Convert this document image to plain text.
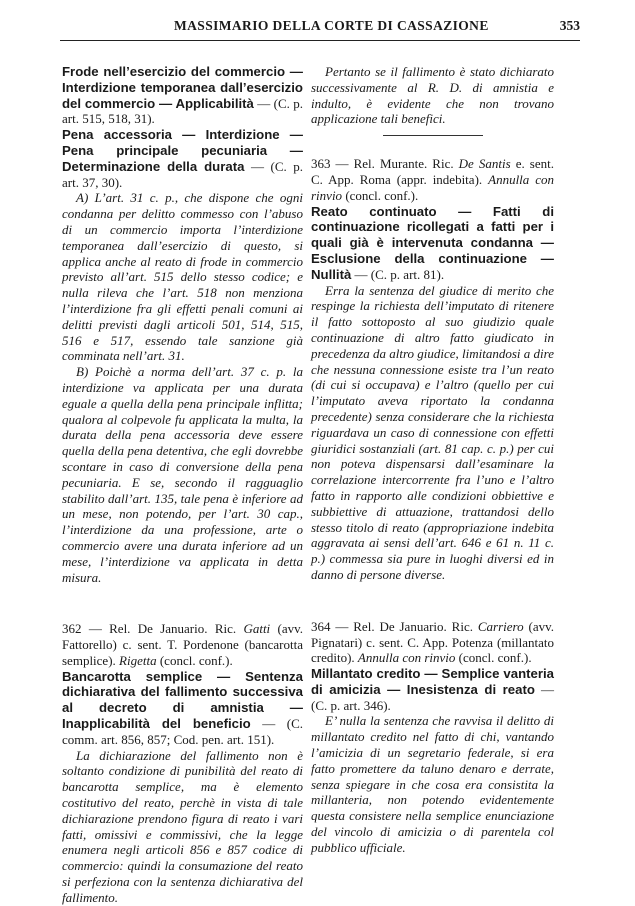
MASSIMARIO DELLA CORTE DI CASSAZIONE	353

Frode nell’esercizio del commercio — Interdizione temporanea dall’esercizio del commercio — Applicabilità — (C. p. art. 515, 518, 31).

Pena accessoria — Interdizione — Pena principale pecuniaria — Determinazione della durata — (C. p. art. 37, 30).

A) L’art. 31 c. p., che dispone che ogni condanna per delitto commesso con l’abuso di un commercio importa l’interdizione temporanea dall’esercizio di questo, si applica anche al reato di frode in commercio previsto all’art. 515 dello stesso codice; e nulla rileva che l’art. 518 non menziona l’interdizione fra gli effetti penali comuni ai delitti previsti dagli articoli 501, 514, 515, 516 e 517, essendo tale sanzione già comminata nell’art. 31.

B) Poichè a norma dell’art. 37 c. p. la interdizione va applicata per una durata eguale a quella della pena principale inflitta; qualora al colpevole fu applicata la multa, la durata della pena accessoria deve essere quella della pena detentiva, che egli dovrebbe scontare in caso di conversione della pena pecuniaria. E se, secondo il ragguaglio stabilito dall’art. 135, tale pena è inferiore ad un mese, non potendo, per l’art. 30 cap., l’interdizione da una professione, arte o commercio avere una durata inferiore ad un mese, l’interdizione va applicata in detta misura.

362 — Rel. De Januario. Ric. Gatti (avv. Fattorello) c. sent. T. Pordenone (bancarotta semplice). Rigetta (concl. conf.).

Bancarotta semplice — Sentenza dichiarativa del fallimento successiva al decreto di amnistia — Inapplicabilità del beneficio — (C. comm. art. 856, 857; Cod. pen. art. 151).

La dichiarazione del fallimento non è soltanto condizione di punibilità del reato di bancarotta semplice, ma è elemento costitutivo del reato, perchè in vista di tale dichiarazione prendono figura di reato i vari fatti, omissivi e commissivi, che la legge enumera negli articoli 856 e 857 codice di commercio: quindi la consumazione del reato si perfeziona con la sentenza dichiarativa del fallimento.

Pertanto se il fallimento è stato dichiarato successivamente al R. D. di amnistia e indulto, è evidente che non trovano applicazione tali benefici.

363 — Rel. Murante. Ric. De Santis e. sent. C. App. Roma (appr. indebita). Annulla con rinvio (concl. conf.).

Reato continuato — Fatti di continuazione ricollegati a fatti per i quali già è intervenuta condanna — Esclusione della continuazione — Nullità — (C. p. art. 81).

Erra la sentenza del giudice di merito che respinge la richiesta dell’imputato di ritenere il fatto sottoposto al suo giudizio quale continuazione di altro fatto giudicato in precedenza da altro giudice, limitandosi a dire che nessuna connessione esiste tra l’un reato (di cui si occupava) e l’altro (quello per cui l’imputato aveva riportato la condanna precedente) senza considerare che la richiesta riguardava un caso di connessione con effetti giuridici sostanziali (art. 81 cap. c. p.) per cui non poteva dispensarsi dall’esaminare la correlazione intercorrente fra l’uno e l’altro fatto in rapporto alle condizioni obbiettive e subbiettive di attuazione, trattandosi dello stesso titolo di reato (appropriazione indebita aggravata ai sensi dell’art. 646 e 61 n. 11 c. p.) commessa sia pure in luoghi diversi ed in danno di persone diverse.

364 — Rel. De Januario. Ric. Carriero (avv. Pignatari) c. sent. C. App. Potenza (millantato credito). Annulla con rinvio (concl. conf.).

Millantato credito — Semplice vanteria di amicizia — Inesistenza di reato — (C. p. art. 346).

E’ nulla la sentenza che ravvisa il delitto di millantato credito nel fatto di chi, vantando l’amicizia di un segretario federale, si era fatto promettere da taluno denaro e derrate, senza spiegare in che cosa era consistita la millanteria, non potendo evidentemente questa consistere nella semplice enunciazione del vincolo di amicizia o di parentela col pubblico ufficiale.
